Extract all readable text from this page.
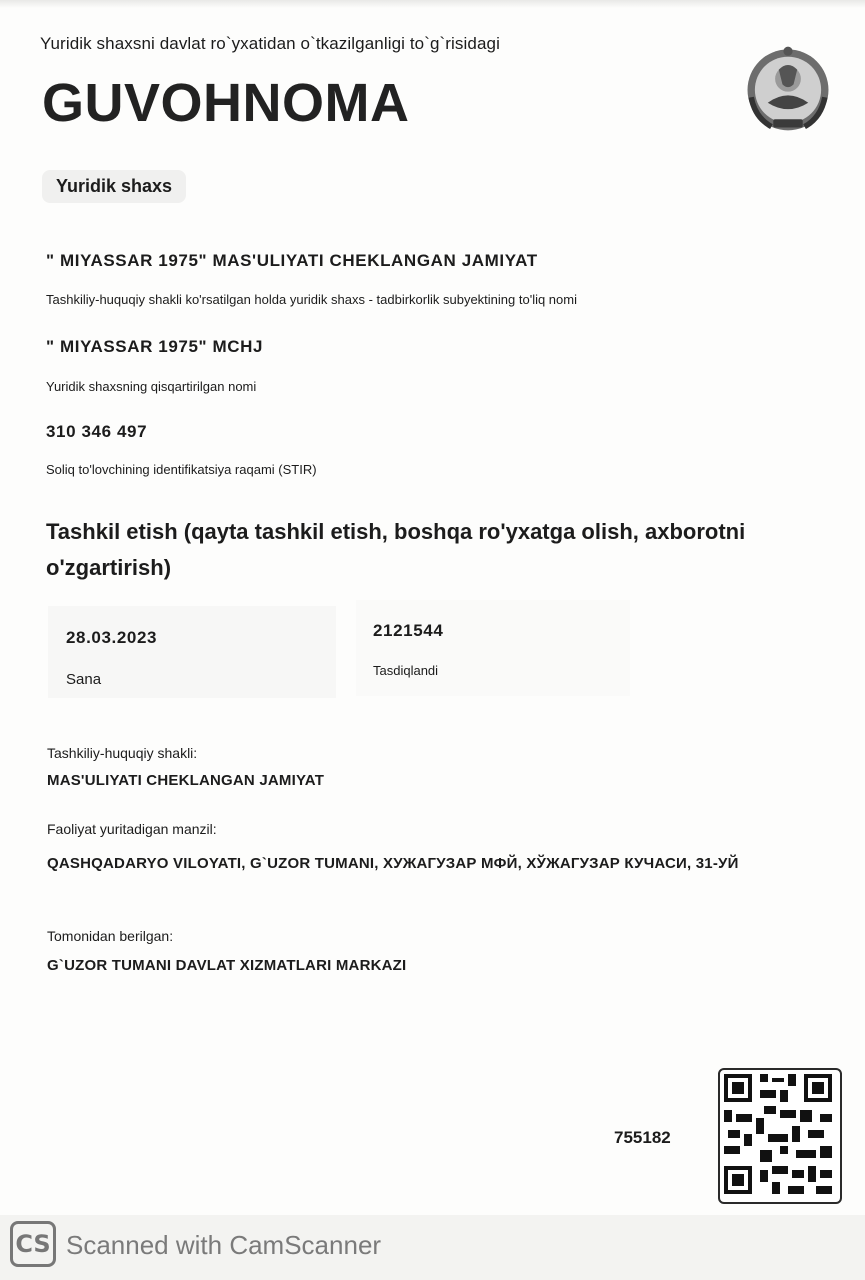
Yuridik shaxsni davlat ro`yxatidan o`tkazilganligi to`g`risidagi
GUVOHNOMA
Yuridik shaxs
" MIYASSAR 1975" MAS'ULIYATI CHEKLANGAN JAMIYAT
Tashkiliy-huquqiy shakli ko'rsatilgan holda yuridik shaxs - tadbirkorlik subyektining to'liq nomi
" MIYASSAR 1975" MCHJ
Yuridik shaxsning qisqartirilgan nomi
310 346 497
Soliq to'lovchining identifikatsiya raqami (STIR)
Tashkil etish (qayta tashkil etish, boshqa ro'yxatga olish, axborotni o'zgartirish)
28.03.2023
Sana
2121544
Tasdiqlandi
Tashkiliy-huquqiy shakli:
MAS'ULIYATI CHEKLANGAN JAMIYAT
Faoliyat yuritadigan manzil:
QASHQADARYO VILOYATI, G`UZOR TUMANI, ХУЖАГУЗАР МФЙ, ХЎЖАГУЗАР КУЧАСИ, 31-УЙ
Tomonidan berilgan:
G`UZOR TUMANI DAVLAT XIZMATLARI MARKAZI
755182
CS Scanned with CamScanner
